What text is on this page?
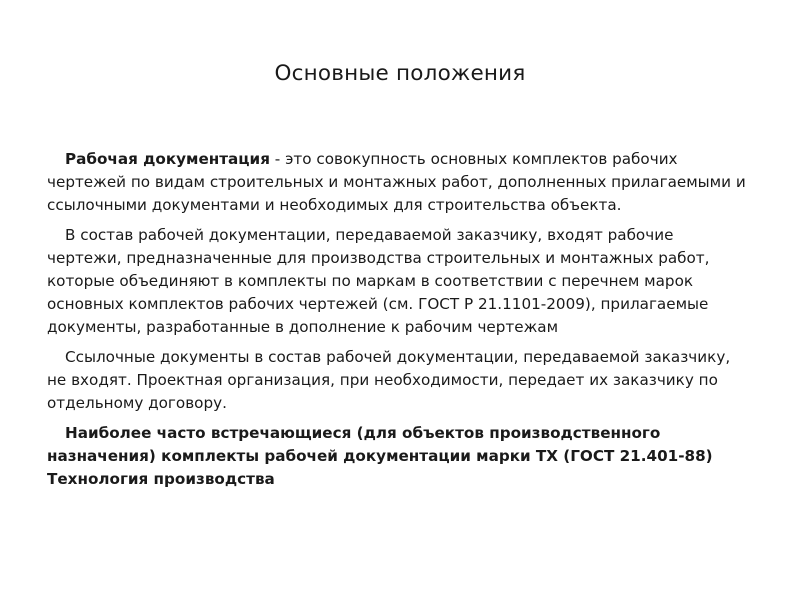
Основные положения

Рабочая документация - это совокупность основных комплектов рабочих чертежей по видам строительных и монтажных работ, дополненных прилагаемыми и ссылочными документами и необходимых для строительства объекта.

В состав рабочей документации, передаваемой заказчику, входят рабочие чертежи, предназначенные для производства строительных и монтажных работ, которые объединяют в комплекты по маркам в соответствии с перечнем марок основных комплектов рабочих чертежей (см. ГОСТ Р 21.1101-2009), прилагаемые документы, разработанные в дополнение к рабочим чертежам

Ссылочные документы в состав рабочей документации, передаваемой заказчику, не входят. Проектная организация, при необходимости, передает их заказчику по отдельному договору.

Наиболее часто встречающиеся (для объектов производственного назначения) комплекты рабочей документации марки ТХ (ГОСТ 21.401-88) Технология производства
